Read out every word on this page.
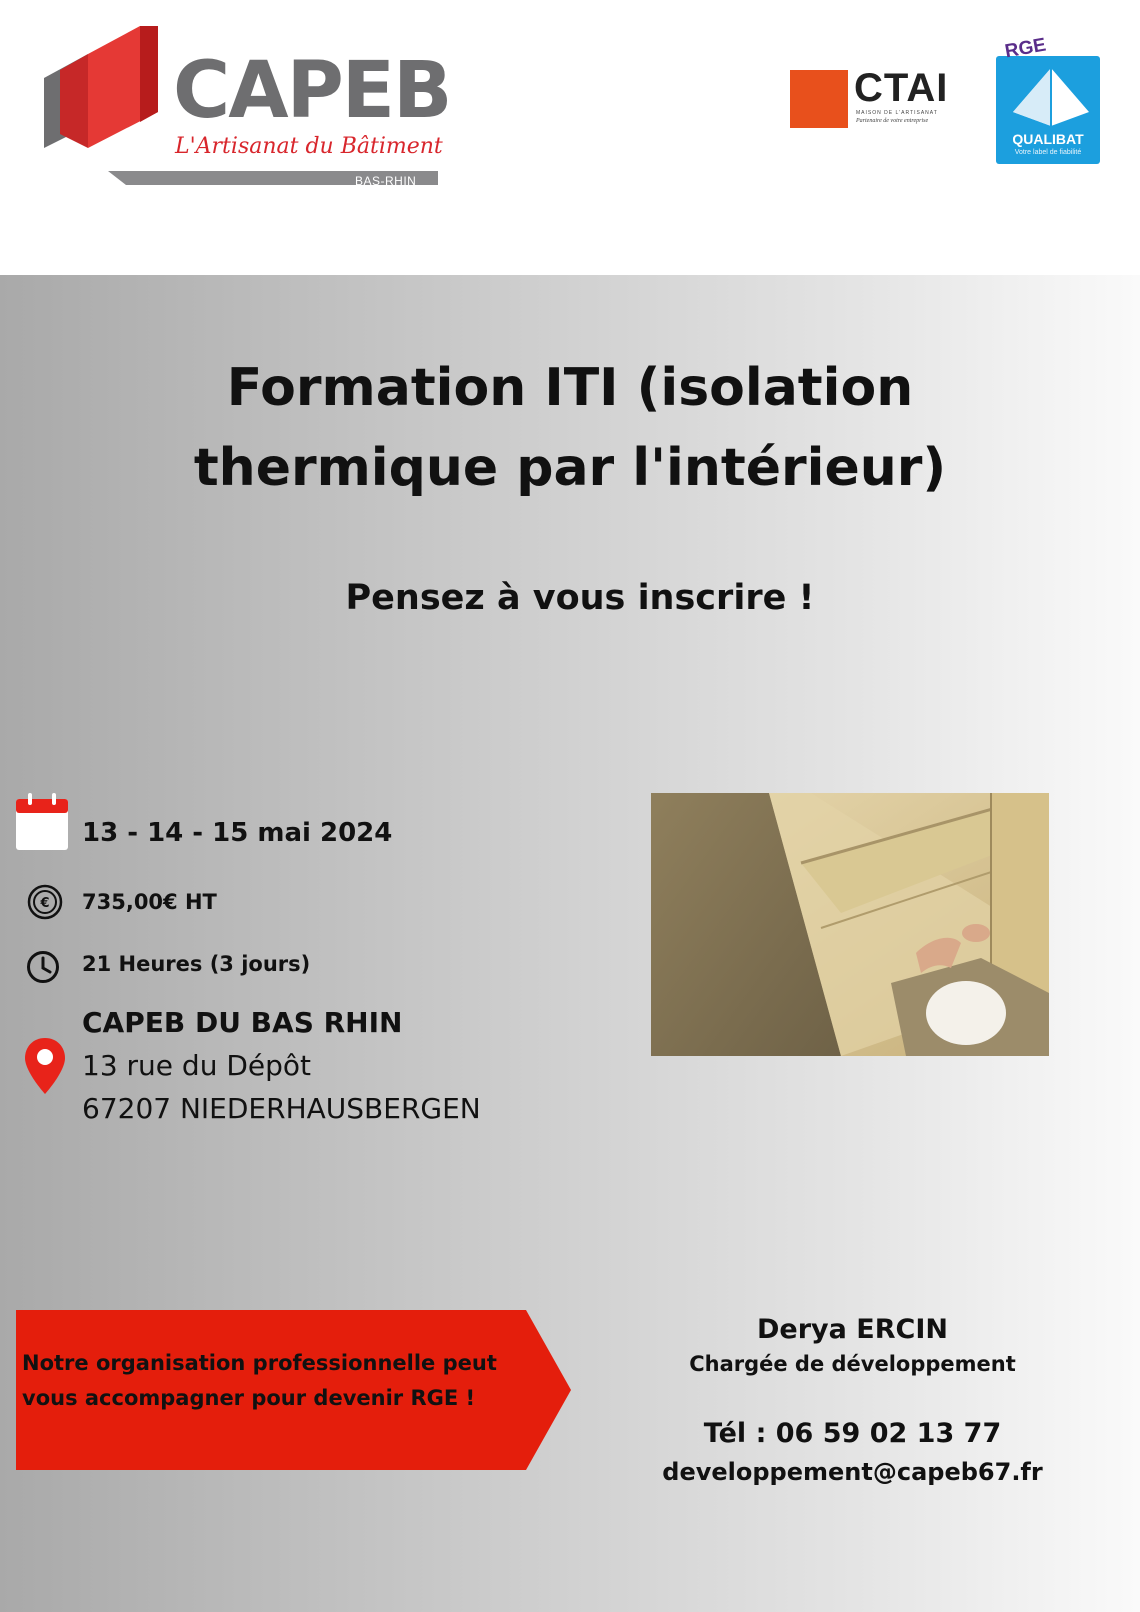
CAPEB
L'Artisanat du Bâtiment
BAS-RHIN
CTAI
MAISON DE L'ARTISANAT
Partenaire de votre entreprise
RGE
QUALIBAT
Votre label de fiabilité
Formation ITI (isolation
thermique par l'intérieur)
Pensez à vous inscrire !
13 - 14 - 15 mai 2024
€ 735,00€ HT
21 Heures (3 jours)
CAPEB DU BAS RHIN
13 rue du Dépôt
67207 NIEDERHAUSBERGEN
Notre organisation professionnelle peut vous accompagner pour devenir RGE !
Derya ERCIN
Chargée de développement
Tél : 06 59 02 13 77
developpement@capeb67.fr
